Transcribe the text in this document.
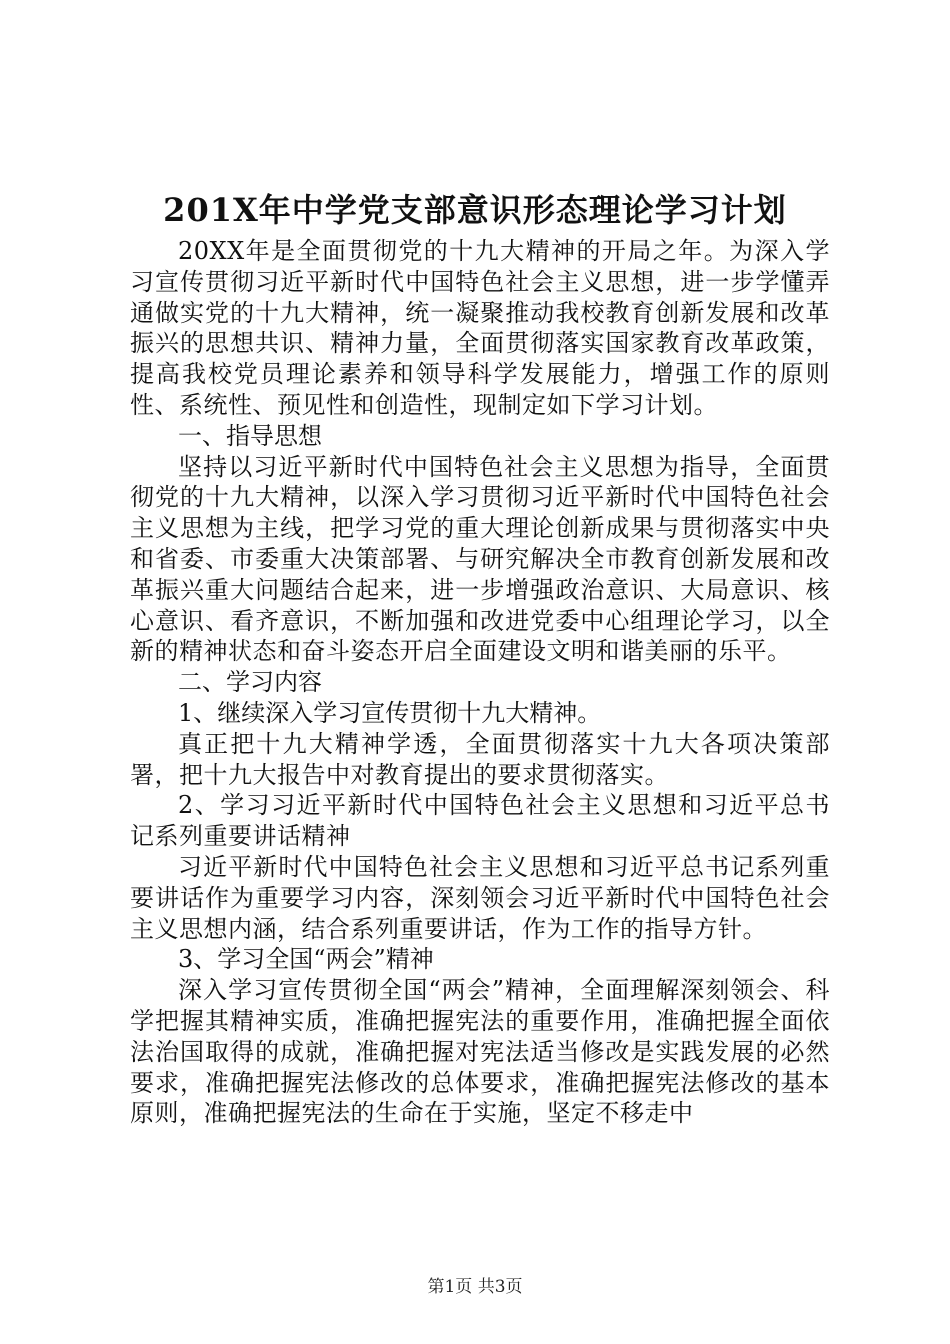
201X年中学党支部意识形态理论学习计划

20XX年是全面贯彻党的十九大精神的开局之年。为深入学习宣传贯彻习近平新时代中国特色社会主义思想，进一步学懂弄通做实党的十九大精神，统一凝聚推动我校教育创新发展和改革振兴的思想共识、精神力量，全面贯彻落实国家教育改革政策，提高我校党员理论素养和领导科学发展能力，增强工作的原则性、系统性、预见性和创造性，现制定如下学习计划。

一、指导思想

坚持以习近平新时代中国特色社会主义思想为指导，全面贯彻党的十九大精神，以深入学习贯彻习近平新时代中国特色社会主义思想为主线，把学习党的重大理论创新成果与贯彻落实中央和省委、市委重大决策部署、与研究解决全市教育创新发展和改革振兴重大问题结合起来，进一步增强政治意识、大局意识、核心意识、看齐意识，不断加强和改进党委中心组理论学习，以全新的精神状态和奋斗姿态开启全面建设文明和谐美丽的乐平。

二、学习内容

1、继续深入学习宣传贯彻十九大精神。

真正把十九大精神学透，全面贯彻落实十九大各项决策部署，把十九大报告中对教育提出的要求贯彻落实。

2、学习习近平新时代中国特色社会主义思想和习近平总书记系列重要讲话精神

习近平新时代中国特色社会主义思想和习近平总书记系列重要讲话作为重要学习内容，深刻领会习近平新时代中国特色社会主义思想内涵，结合系列重要讲话，作为工作的指导方针。

3、学习全国“两会”精神

深入学习宣传贯彻全国“两会”精神，全面理解深刻领会、科学把握其精神实质，准确把握宪法的重要作用，准确把握全面依法治国取得的成就，准确把握对宪法适当修改是实践发展的必然要求，准确把握宪法修改的总体要求，准确把握宪法修改的基本原则，准确把握宪法的生命在于实施，坚定不移走中

第1页 共3页
